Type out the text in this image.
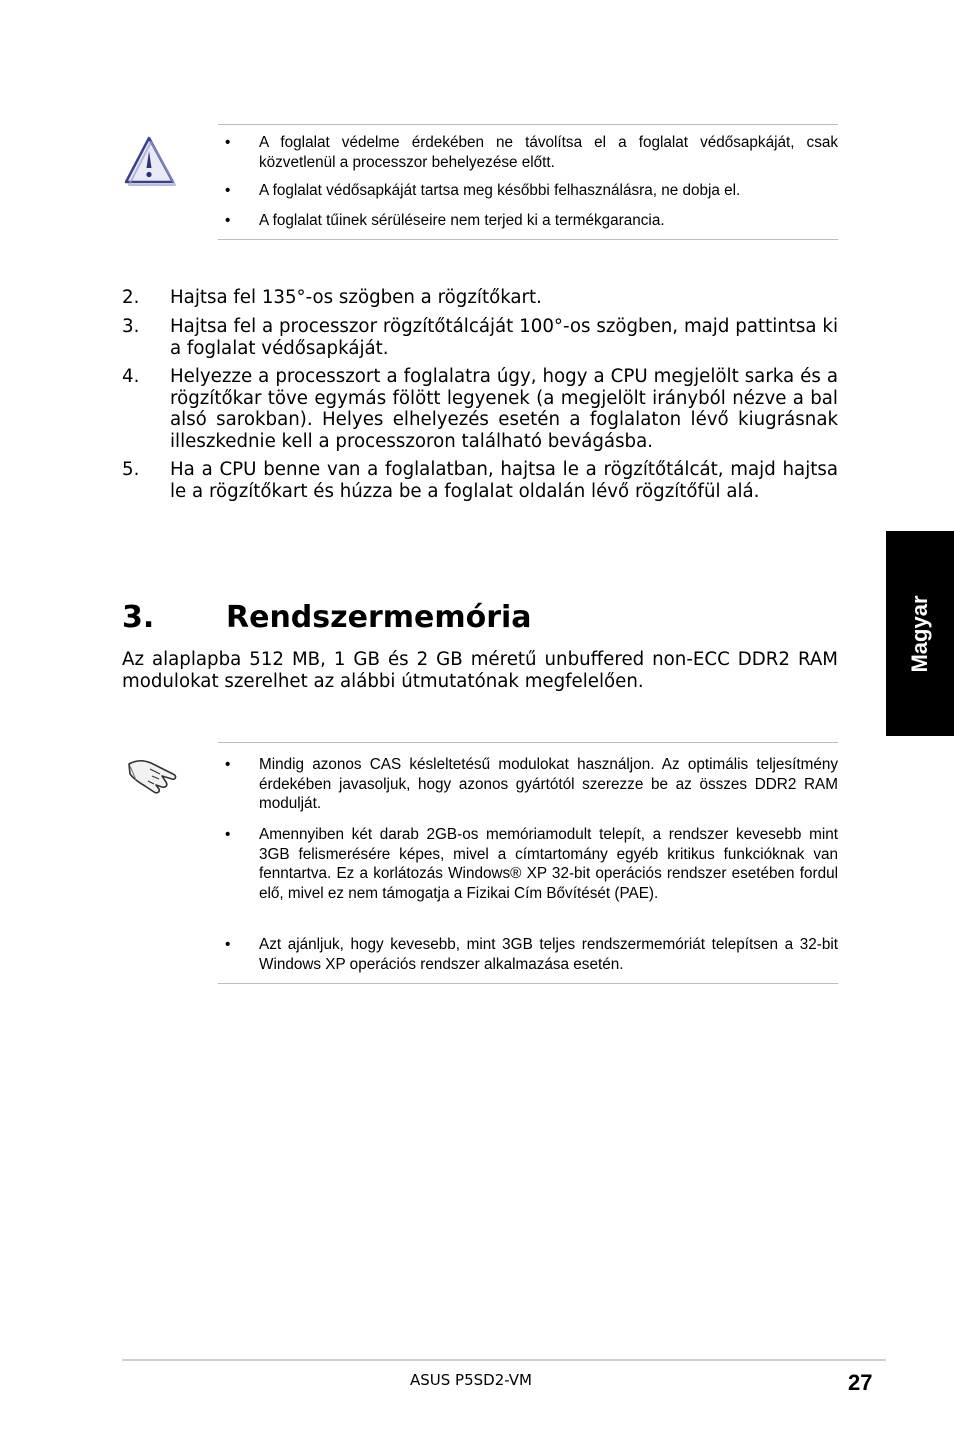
• A foglalat védelme érdekében ne távolítsa el a foglalat védősapkáját, csak közvetlenül a processzor behelyezése előtt.
• A foglalat védősapkáját tartsa meg későbbi felhasználásra, ne dobja el.
• A foglalat tűinek sérüléseire nem terjed ki a termékgarancia.
2. Hajtsa fel 135°-os szögben a rögzítőkart.
3. Hajtsa fel a processzor rögzítőtálcáját 100°-os szögben, majd pattintsa ki a foglalat védősapkáját.
4. Helyezze a processzort a foglalatra úgy, hogy a CPU megjelölt sarka és a rögzítőkar töve egymás fölött legyenek (a megjelölt irányból nézve a bal alsó sarokban). Helyes elhelyezés esetén a foglalaton lévő kiugrásnak illeszkednie kell a processzoron található bevágásba.
5. Ha a CPU benne van a foglalatban, hajtsa le a rögzítőtálcát, majd hajtsa le a rögzítőkart és húzza be a foglalat oldalán lévő rögzítőfül alá.
3. Rendszermemória
Az alaplapba 512 MB, 1 GB és 2 GB méretű unbuffered non-ECC DDR2 RAM modulokat szerelhet az alábbi útmutatónak megfelelően.
• Mindig azonos CAS késleltetésű modulokat használjon. Az optimális teljesítmény érdekében javasoljuk, hogy azonos gyártótól szerezze be az összes DDR2 RAM modulját.
• Amennyiben két darab 2GB-os memóriamodult telepít, a rendszer kevesebb mint 3GB felismerésére képes, mivel a címtartomány egyéb kritikus funkcióknak van fenntartva. Ez a korlátozás Windows® XP 32-bit operációs rendszer esetében fordul elő, mivel ez nem támogatja a Fizikai Cím Bővítését (PAE).
• Azt ajánljuk, hogy kevesebb, mint 3GB teljes rendszermemóriát telepítsen a 32-bit Windows XP operációs rendszer alkalmazása esetén.
Magyar
ASUS P5SD2-VM	27
